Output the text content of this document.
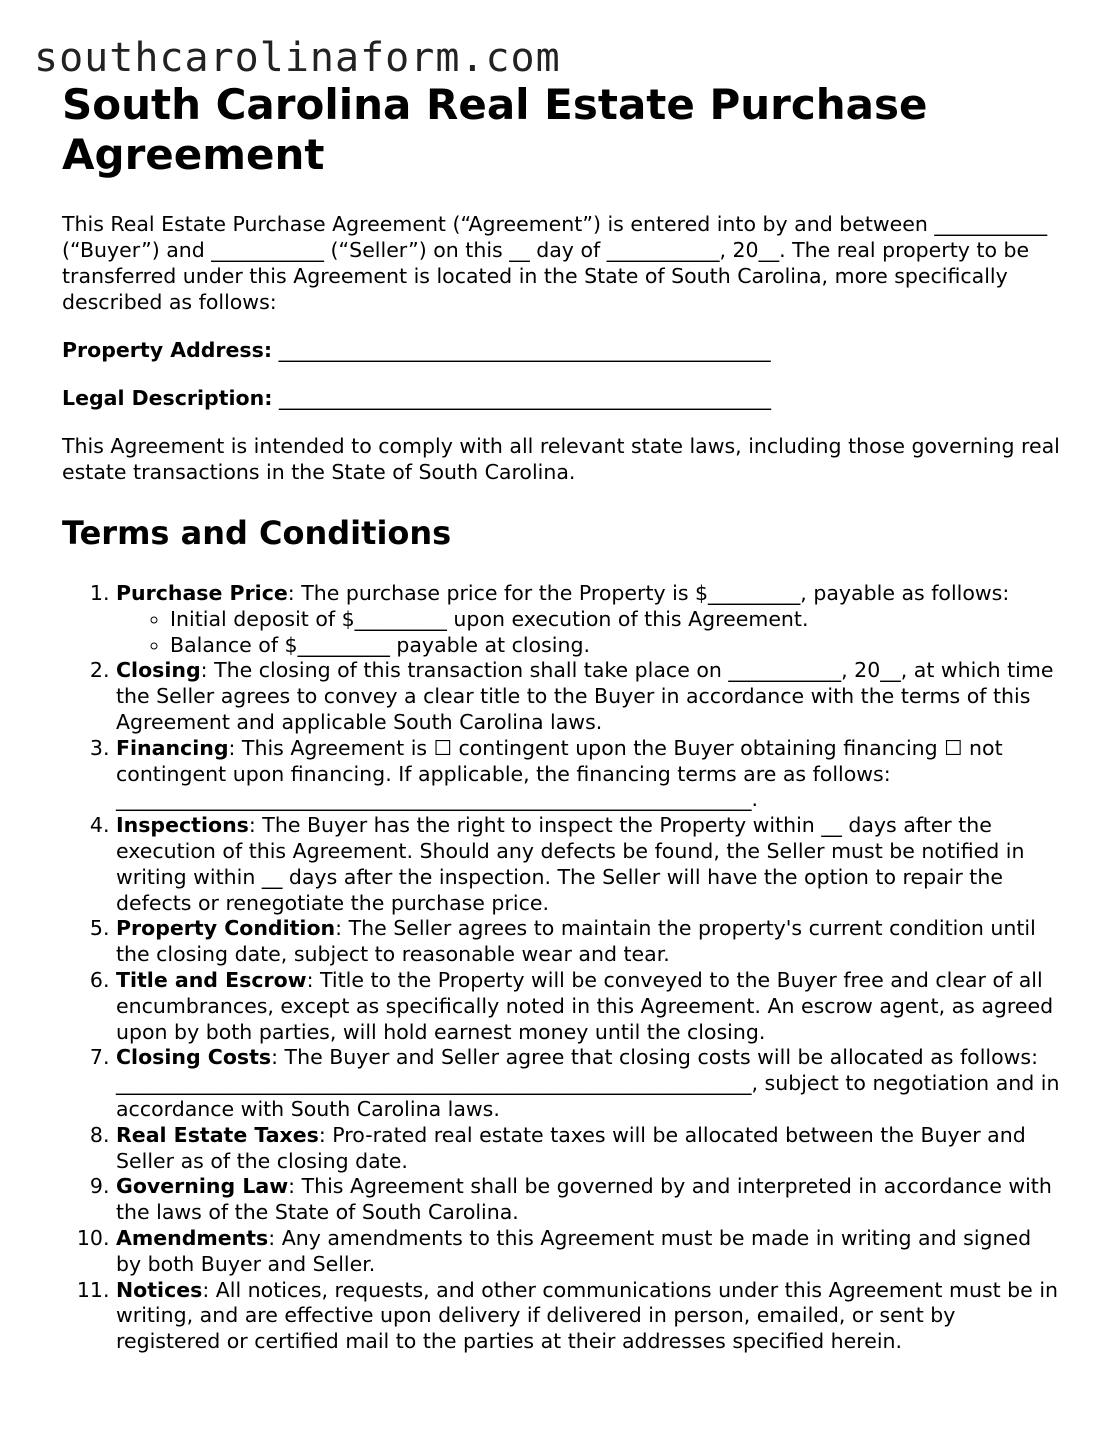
southcarolinaform.com
South Carolina Real Estate Purchase Agreement

This Real Estate Purchase Agreement (“Agreement”) is entered into by and between ___________ (“Buyer”) and ___________ (“Seller”) on this __ day of ___________, 20__. The real property to be transferred under this Agreement is located in the State of South Carolina, more specifically described as follows:

Property Address: ________________________________________________

Legal Description: ________________________________________________

This Agreement is intended to comply with all relevant state laws, including those governing real estate transactions in the State of South Carolina.

Terms and Conditions
1. Purchase Price: The purchase price for the Property is $_________, payable as follows:
◦ Initial deposit of $_________ upon execution of this Agreement.
◦ Balance of $_________ payable at closing.
2. Closing: The closing of this transaction shall take place on ___________, 20__, at which time the Seller agrees to convey a clear title to the Buyer in accordance with the terms of this Agreement and applicable South Carolina laws.
3. Financing: This Agreement is ☐ contingent upon the Buyer obtaining financing ☐ not contingent upon financing. If applicable, the financing terms are as follows: ______________________________________________________________.
4. Inspections: The Buyer has the right to inspect the Property within __ days after the execution of this Agreement. Should any defects be found, the Seller must be notified in writing within __ days after the inspection. The Seller will have the option to repair the defects or renegotiate the purchase price.
5. Property Condition: The Seller agrees to maintain the property's current condition until the closing date, subject to reasonable wear and tear.
6. Title and Escrow: Title to the Property will be conveyed to the Buyer free and clear of all encumbrances, except as specifically noted in this Agreement. An escrow agent, as agreed upon by both parties, will hold earnest money until the closing.
7. Closing Costs: The Buyer and Seller agree that closing costs will be allocated as follows: ______________________________________________________________, subject to negotiation and in accordance with South Carolina laws.
8. Real Estate Taxes: Pro-rated real estate taxes will be allocated between the Buyer and Seller as of the closing date.
9. Governing Law: This Agreement shall be governed by and interpreted in accordance with the laws of the State of South Carolina.
10. Amendments: Any amendments to this Agreement must be made in writing and signed by both Buyer and Seller.
11. Notices: All notices, requests, and other communications under this Agreement must be in writing, and are effective upon delivery if delivered in person, emailed, or sent by registered or certified mail to the parties at their addresses specified herein.
